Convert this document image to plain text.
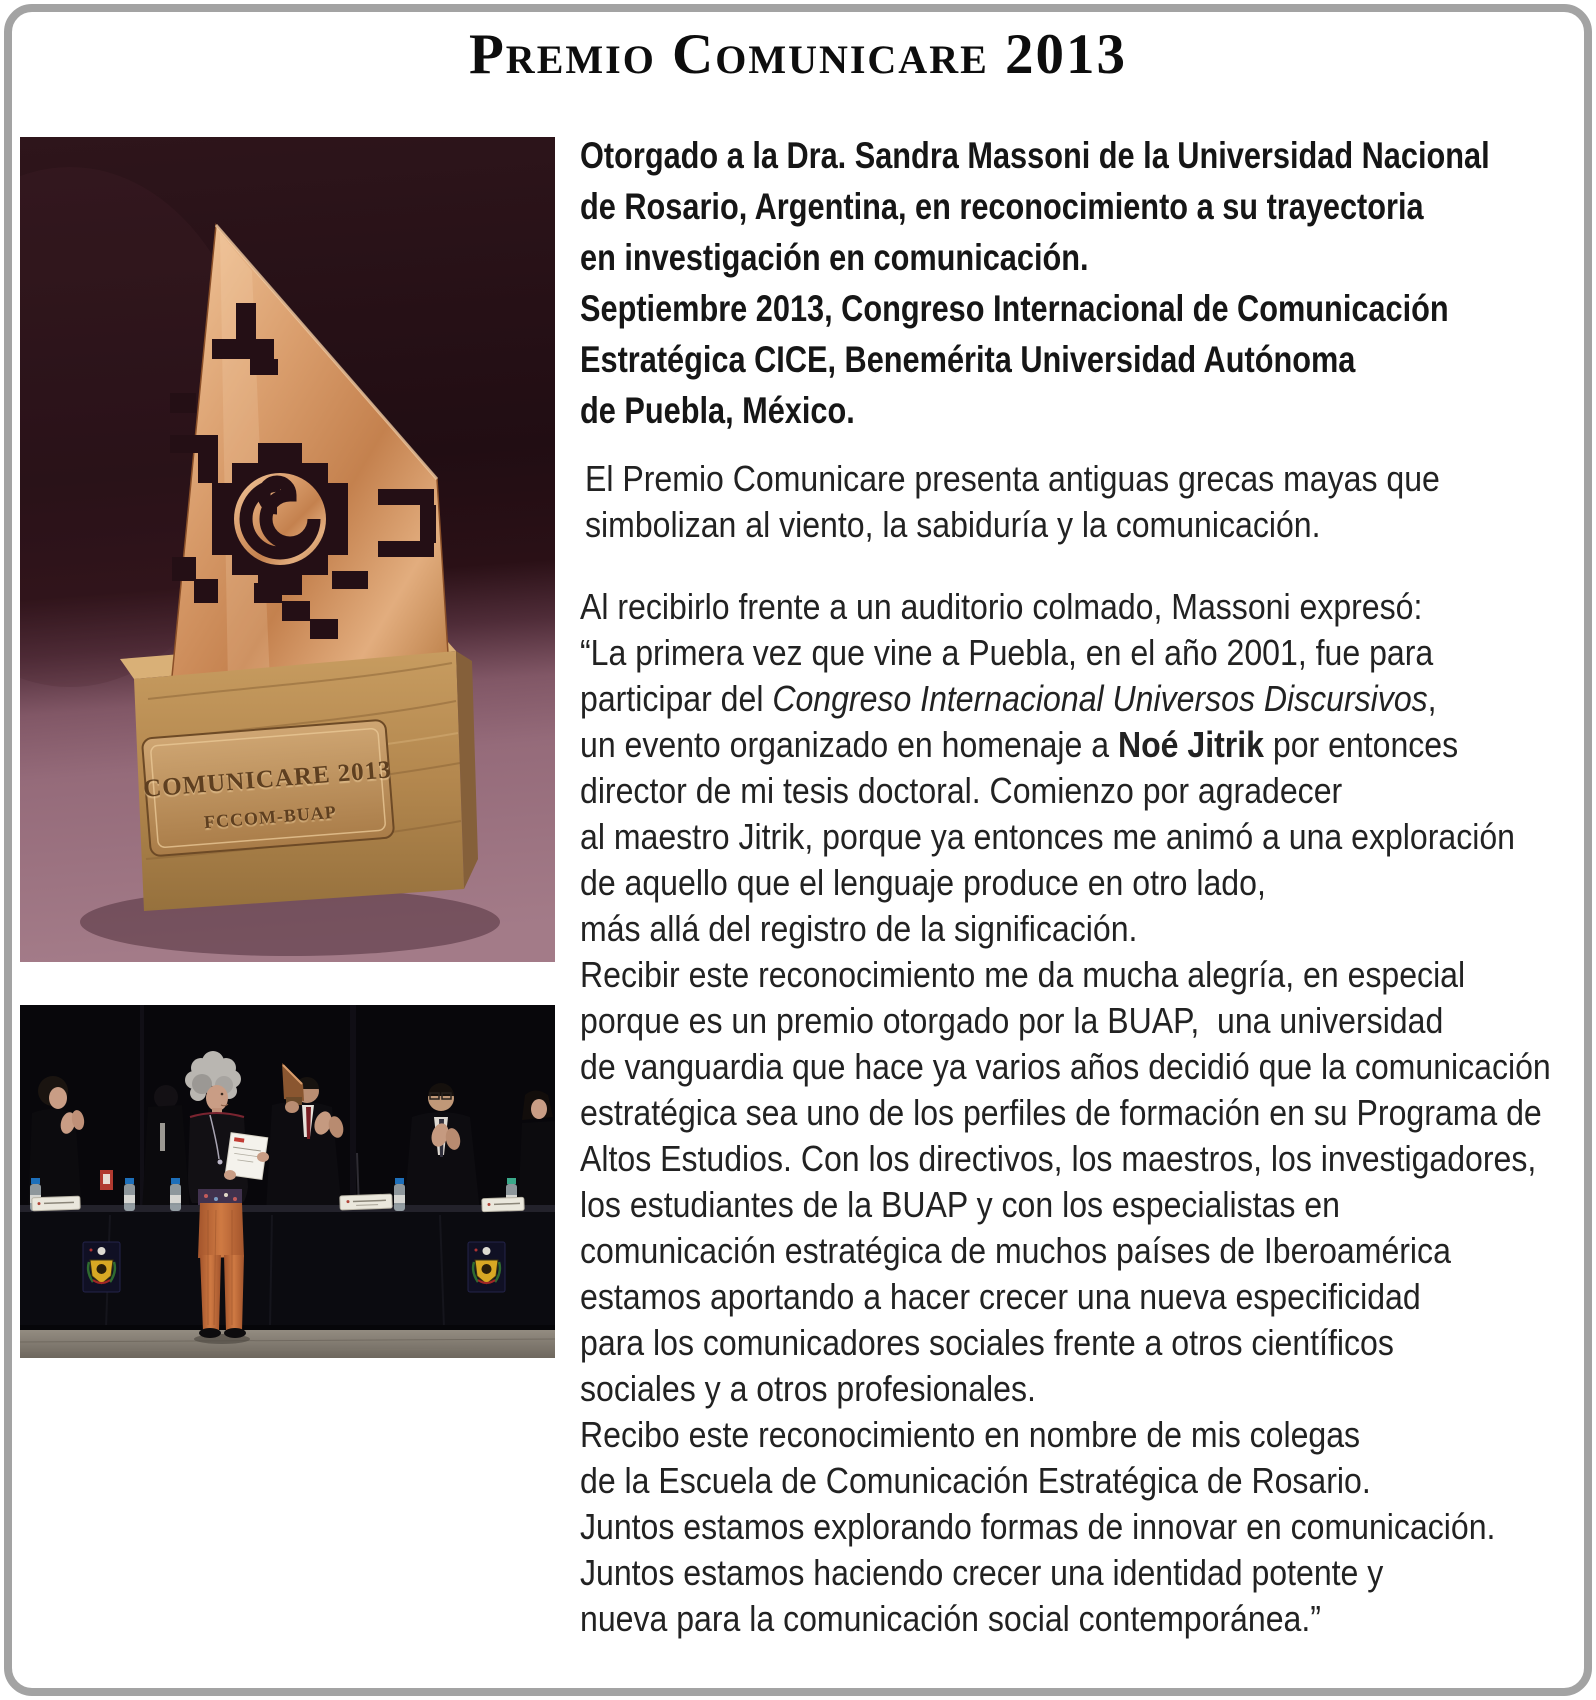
Premio Comunicare 2013
COMUNICARE 2013
FCCOM-BUAP
Otorgado a la Dra. Sandra Massoni de la Universidad Nacional
de Rosario, Argentina, en reconocimiento a su trayectoria
en investigación en comunicación.
Septiembre 2013, Congreso Internacional de Comunicación
Estratégica CICE, Benemérita Universidad Autónoma
de Puebla, México.
El Premio Comunicare presenta antiguas grecas mayas que
simbolizan al viento, la sabiduría y la comunicación.
Al recibirlo frente a un auditorio colmado, Massoni expresó:
“La primera vez que vine a Puebla, en el año 2001, fue para
participar del Congreso Internacional Universos Discursivos,
un evento organizado en homenaje a Noé Jitrik por entonces
director de mi tesis doctoral. Comienzo por agradecer
al maestro Jitrik, porque ya entonces me animó a una exploración
de aquello que el lenguaje produce en otro lado,
más allá del registro de la significación.
Recibir este reconocimiento me da mucha alegría, en especial
porque es un premio otorgado por la BUAP,  una universidad
de vanguardia que hace ya varios años decidió que la comunicación
estratégica sea uno de los perfiles de formación en su Programa de
Altos Estudios. Con los directivos, los maestros, los investigadores,
los estudiantes de la BUAP y con los especialistas en
comunicación estratégica de muchos países de Iberoamérica
estamos aportando a hacer crecer una nueva especificidad
para los comunicadores sociales frente a otros científicos
sociales y a otros profesionales.
Recibo este reconocimiento en nombre de mis colegas
de la Escuela de Comunicación Estratégica de Rosario.
Juntos estamos explorando formas de innovar en comunicación.
Juntos estamos haciendo crecer una identidad potente y
nueva para la comunicación social contemporánea.”
